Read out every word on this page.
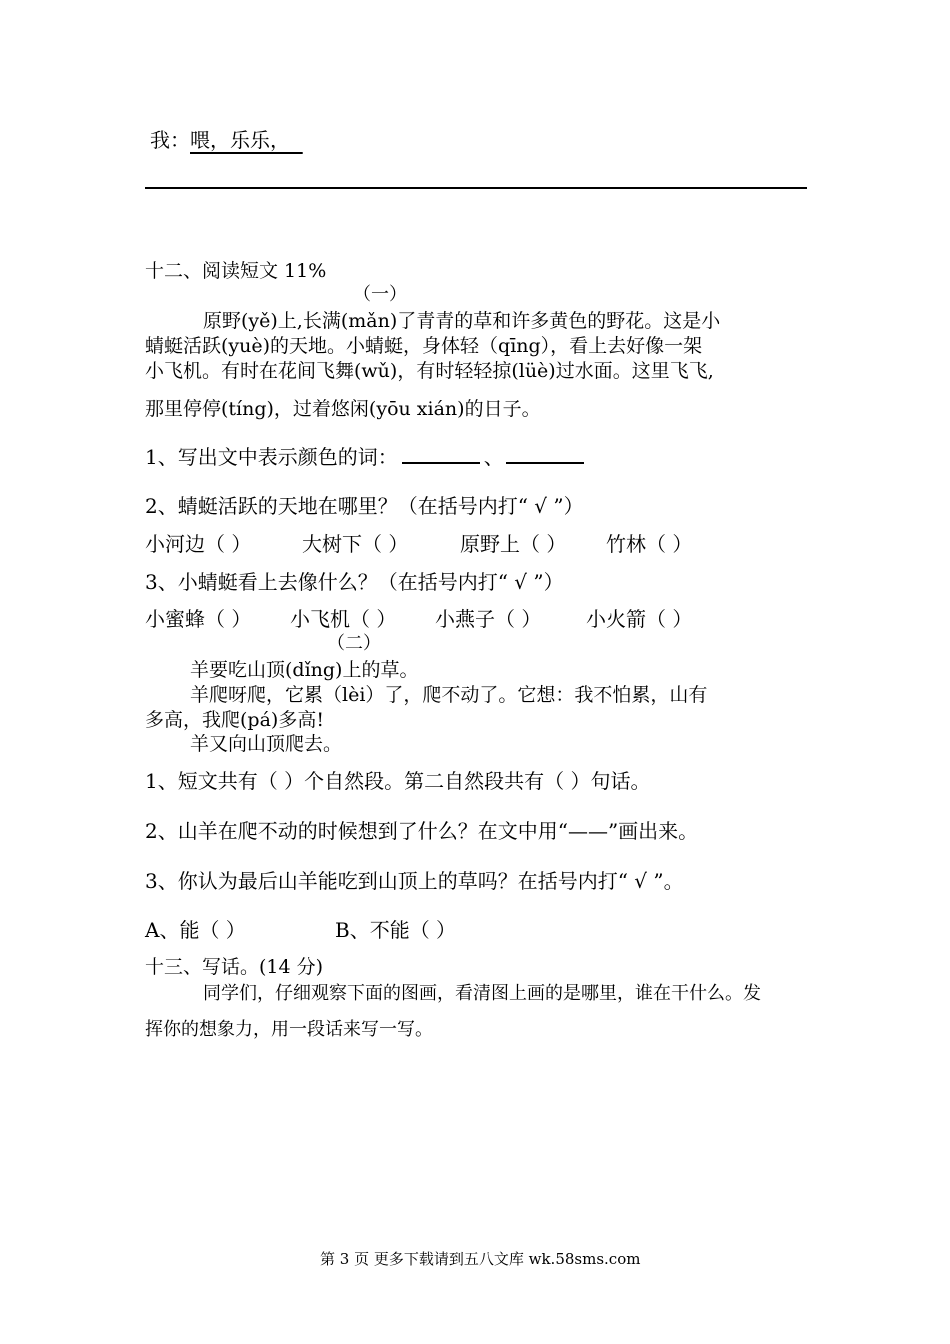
我：喂，乐乐，
十二、阅读短文 11%
（一）
原野(yě)上,长满(mǎn)了青青的草和许多黄色的野花。这是小
蜻蜓活跃(yuè)的天地。小蜻蜓，身体轻（qīng），看上去好像一架
小飞机。有时在花间飞舞(wǔ)，有时轻轻掠(lüè)过水面。这里飞飞,
那里停停(tíng)，过着悠闲(yōu xián)的日子。
1、写出文中表示颜色的词：	、
2、蜻蜓活跃的天地在哪里？（在括号内打“ √ ”）
小河边（ ）	大树下（ ）	原野上（ ） 竹林（ ）
3、小蜻蜓看上去像什么？（在括号内打“ √ ”）
小蜜蜂（ ） 小飞机（ ） 小燕子（ ） 小火箭（ ）
（二）
羊要吃山顶(dǐng)上的草。
羊爬呀爬，它累（lèi）了，爬不动了。它想：我不怕累，山有
多高，我爬(pá)多高!
羊又向山顶爬去。
1、短文共有（ ）个自然段。第二自然段共有（ ）句话。
2、山羊在爬不动的时候想到了什么？在文中用“——”画出来。
3、你认为最后山羊能吃到山顶上的草吗？在括号内打“ √ ”。
A、能（ ）	B、不能（ ）
十三、写话。(14 分)
同学们，仔细观察下面的图画，看清图上画的是哪里，谁在干什么。发
挥你的想象力，用一段话来写一写。
第 3 页 更多下载请到五八文库 wk.58sms.com
